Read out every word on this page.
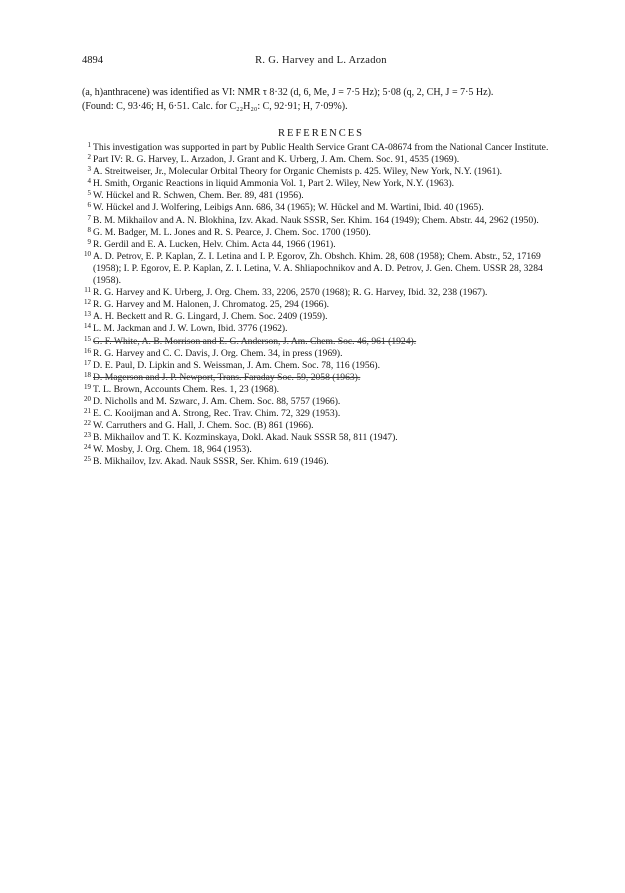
4894	R. G. Harvey and L. Arzadon

(a, h)anthracene) was identified as VI: NMR τ 8·32 (d, 6, Me, J = 7·5 Hz); 5·08 (q, 2, CH, J = 7·5 Hz).

(Found: C, 93·46; H, 6·51. Calc. for C₂₂H₂₀: C, 92·91; H, 7·09%).

REFERENCES
1 This investigation was supported in part by Public Health Service Grant CA-08674 from the National Cancer Institute.
2 Part IV: R. G. Harvey, L. Arzadon, J. Grant and K. Urberg, J. Am. Chem. Soc. 91, 4535 (1969).
3 A. Streitweiser, Jr., Molecular Orbital Theory for Organic Chemists p. 425. Wiley, New York, N.Y. (1961).
4 H. Smith, Organic Reactions in liquid Ammonia Vol. 1, Part 2. Wiley, New York, N.Y. (1963).
5 W. Hückel and R. Schwen, Chem. Ber. 89, 481 (1956).
6 W. Hückel and J. Wolfering, Leibigs Ann. 686, 34 (1965); W. Hückel and M. Wartini, Ibid. 40 (1965).
7 B. M. Mikhailov and A. N. Blokhina, Izv. Akad. Nauk SSSR, Ser. Khim. 164 (1949); Chem. Abstr. 44, 2962 (1950).
8 G. M. Badger, M. L. Jones and R. S. Pearce, J. Chem. Soc. 1700 (1950).
9 R. Gerdil and E. A. Lucken, Helv. Chim. Acta 44, 1966 (1961).
10 A. D. Petrov, E. P. Kaplan, Z. I. Letina and I. P. Egorov, Zh. Obshch. Khim. 28, 608 (1958); Chem. Abstr., 52, 17169 (1958); I. P. Egorov, E. P. Kaplan, Z. I. Letina, V. A. Shliapochnikov and A. D. Petrov, J. Gen. Chem. USSR 28, 3284 (1958).
11 R. G. Harvey and K. Urberg, J. Org. Chem. 33, 2206, 2570 (1968); R. G. Harvey, Ibid. 32, 238 (1967).
12 R. G. Harvey and M. Halonen, J. Chromatog. 25, 294 (1966).
13 A. H. Beckett and R. G. Lingard, J. Chem. Soc. 2409 (1959).
14 L. M. Jackman and J. W. Lown, Ibid. 3776 (1962).
15 G. F. White, A. B. Morrison and E. G. Anderson, J. Am. Chem. Soc. 46, 961 (1924).
16 R. G. Harvey and C. C. Davis, J. Org. Chem. 34, in press (1969).
17 D. E. Paul, D. Lipkin and S. Weissman, J. Am. Chem. Soc. 78, 116 (1956).
18 D. Magerson and J. P. Newport, Trans. Faraday Soc. 59, 2058 (1963).
19 T. L. Brown, Accounts Chem. Res. 1, 23 (1968).
20 D. Nicholls and M. Szwarc, J. Am. Chem. Soc. 88, 5757 (1966).
21 E. C. Kooijman and A. Strong, Rec. Trav. Chim. 72, 329 (1953).
22 W. Carruthers and G. Hall, J. Chem. Soc. (B) 861 (1966).
23 B. Mikhailov and T. K. Kozminskaya, Dokl. Akad. Nauk SSSR 58, 811 (1947).
24 W. Mosby, J. Org. Chem. 18, 964 (1953).
25 B. Mikhailov, Izv. Akad. Nauk SSSR, Ser. Khim. 619 (1946).
